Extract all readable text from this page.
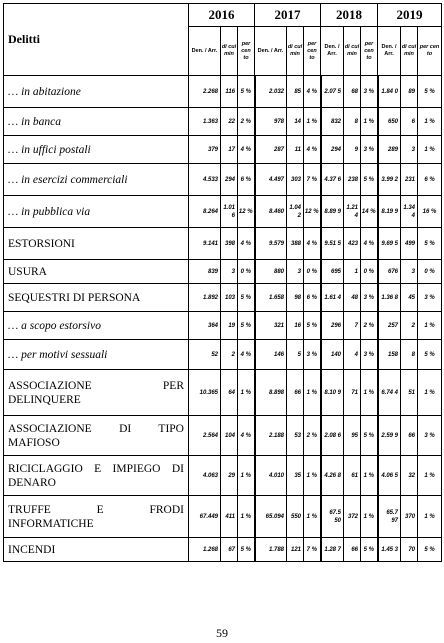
Delitti	2016			2017			2018			2019		
	Den. / Arr.	di cui min	per cen to	Den. / Arr.	di cui min	per cen to	Den. / Arr.	di cui min	per cen to	Den. / Arr.	di cui min	per cen to
… in abitazione	2.268	116	5 %	2.032	85	4 %	2.07 5	68	3 %	1.84 0	89	5 %
… in banca	1.363	22	2 %	978	14	1 %	832	8	1 %	650	6	1 %
… in uffici postali	379	17	4 %	287	11	4 %	294	9	3 %	289	3	1 %
… in esercizi commerciali	4.533	294	6 %	4.497	303	7 %	4.37 6	238	5 %	3.99 2	231	6 %
… in pubblica via	8.264	1.01 6	12 %	8.460	1.04 2	12 %	8.89 9	1.21 4	14 %	8.19 9	1.34 4	16 %
ESTORSIONI	9.141	398	4 %	9.579	388	4 %	9.51 5	423	4 %	9.69 5	499	5 %
USURA	839	3	0 %	880	3	0 %	695	1	0 %	676	3	0 %
SEQUESTRI DI PERSONA	1.892	103	5 %	1.658	98	6 %	1.61 4	48	3 %	1.36 8	45	3 %
… a scopo estorsivo	364	19	5 %	321	16	5 %	296	7	2 %	257	2	1 %
… per motivi sessuali	52	2	4 %	146	5	3 %	140	4	3 %	158	8	5 %
ASSOCIAZIONE PER DELINQUERE	10.365	64	1 %	8.898	66	1 %	8.10 9	71	1 %	6.74 4	51	1 %
ASSOCIAZIONE DI TIPO MAFIOSO	2.564	104	4 %	2.188	53	2 %	2.08 6	95	5 %	2.59 9	66	3 %
RICICLAGGIO E IMPIEGO DI DENARO	4.063	29	1 %	4.010	35	1 %	4.26 8	61	1 %	4.06 5	32	1 %
TRUFFE E FRODI INFORMATICHE	67.449	411	1 %	65.094	550	1 %	67.5 50	372	1 %	65.7 97	370	1 %
INCENDI	1.268	67	5 %	1.788	121	7 %	1.28 7	66	5 %	1.45 3	70	5 %
59
